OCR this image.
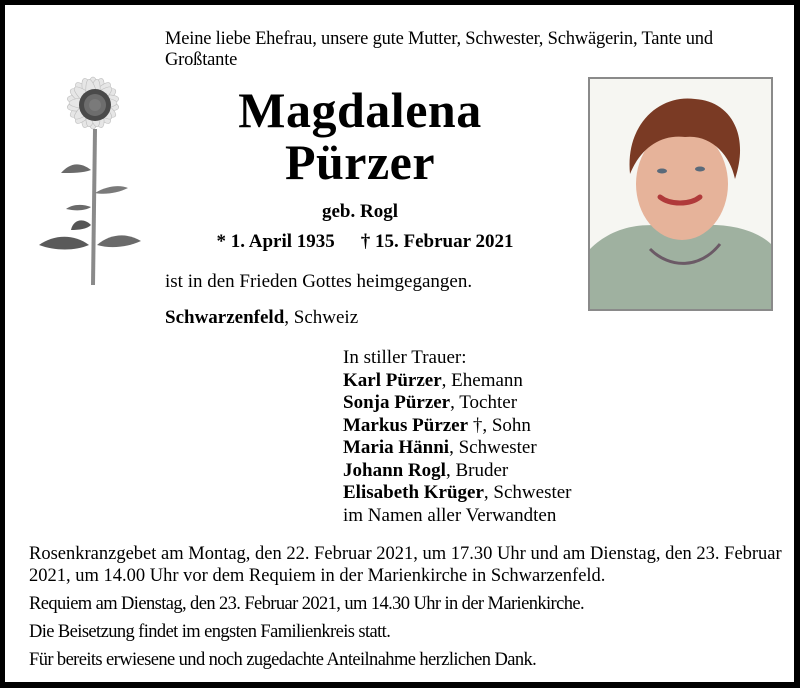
Meine liebe Ehefrau, unsere gute Mutter, Schwester, Schwägerin, Tante und Großtante
Magdalena
Pürzer
geb. Rogl
* 1. April 1935 † 15. Februar 2021
ist in den Frieden Gottes heimgegangen.
Schwarzenfeld, Schweiz
In stiller Trauer:
Karl Pürzer, Ehemann
Sonja Pürzer, Tochter
Markus Pürzer †, Sohn
Maria Hänni, Schwester
Johann Rogl, Bruder
Elisabeth Krüger, Schwester
im Namen aller Verwandten

Rosenkranzgebet am Montag, den 22. Februar 2021, um 17.30 Uhr und am Dienstag, den 23. Februar 2021, um 14.00 Uhr vor dem Requiem in der Marienkirche in Schwarzenfeld.

Requiem am Dienstag, den 23. Februar 2021, um 14.30 Uhr in der Marienkirche.

Die Beisetzung findet im engsten Familienkreis statt.

Für bereits erwiesene und noch zugedachte Anteilnahme herzlichen Dank.
